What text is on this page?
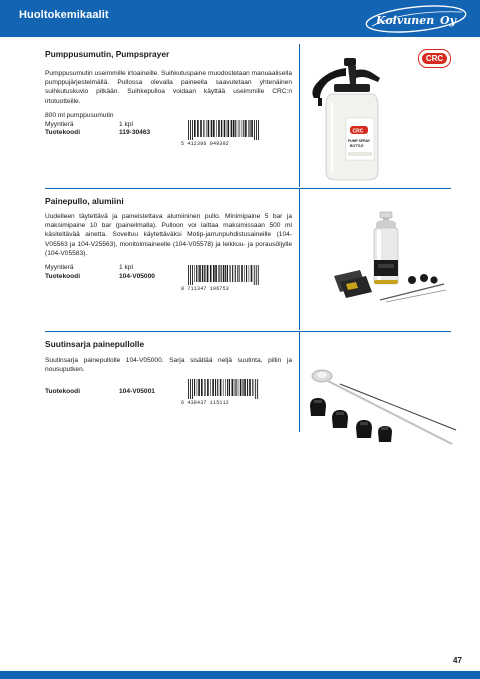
Huoltokemikaalit	Koivunen Oy
Pumppusumutin, Pumpsprayer
Pumppusumutin useimmille irtoaineille. Suihkutuspaine muodostetaan manuaalisella pumppujärjestelmällä. Pullossa olevalla paineella saavutetaan yhtenäinen suihkutuskuvio pitkään. Suihkepulloa voidaan käyttää useimmille CRC:n irtotuotteille.
800 ml pumppusumutin
Myyntierä	1 kpl
Tuotekoodi	119-30463
5 412386 049392
CRC
CRC
PUMP SPRAY
BOTTLE
Painepullo, alumiini
Uudelleen täytettävä ja paineistettava alumiininen pullo. Minimipaine 5 bar ja maksimipaine 10 bar (paineilmalla). Pulloon voi laittaa maksimissaan 500 ml käsiteltävää ainetta. Soveltuu käytettäväksi Motip-jarrunpuhdistusaineille (104-V05563 ja 104-V25563), monitoimiaineelle (104-V05578) ja leikkuu- ja porausöljylle (104-V05583).
Myyntierä	1 kpl
Tuotekoodi	104-V05000
8 711347 196753
Suutinsarja painepullolle
Suutinsarja painepullolle 104-V05000. Sarja sisältää neljä suutinta, pillin ja nousuputken.
Tuotekoodi	104-V05001
6 438437 115112
47
